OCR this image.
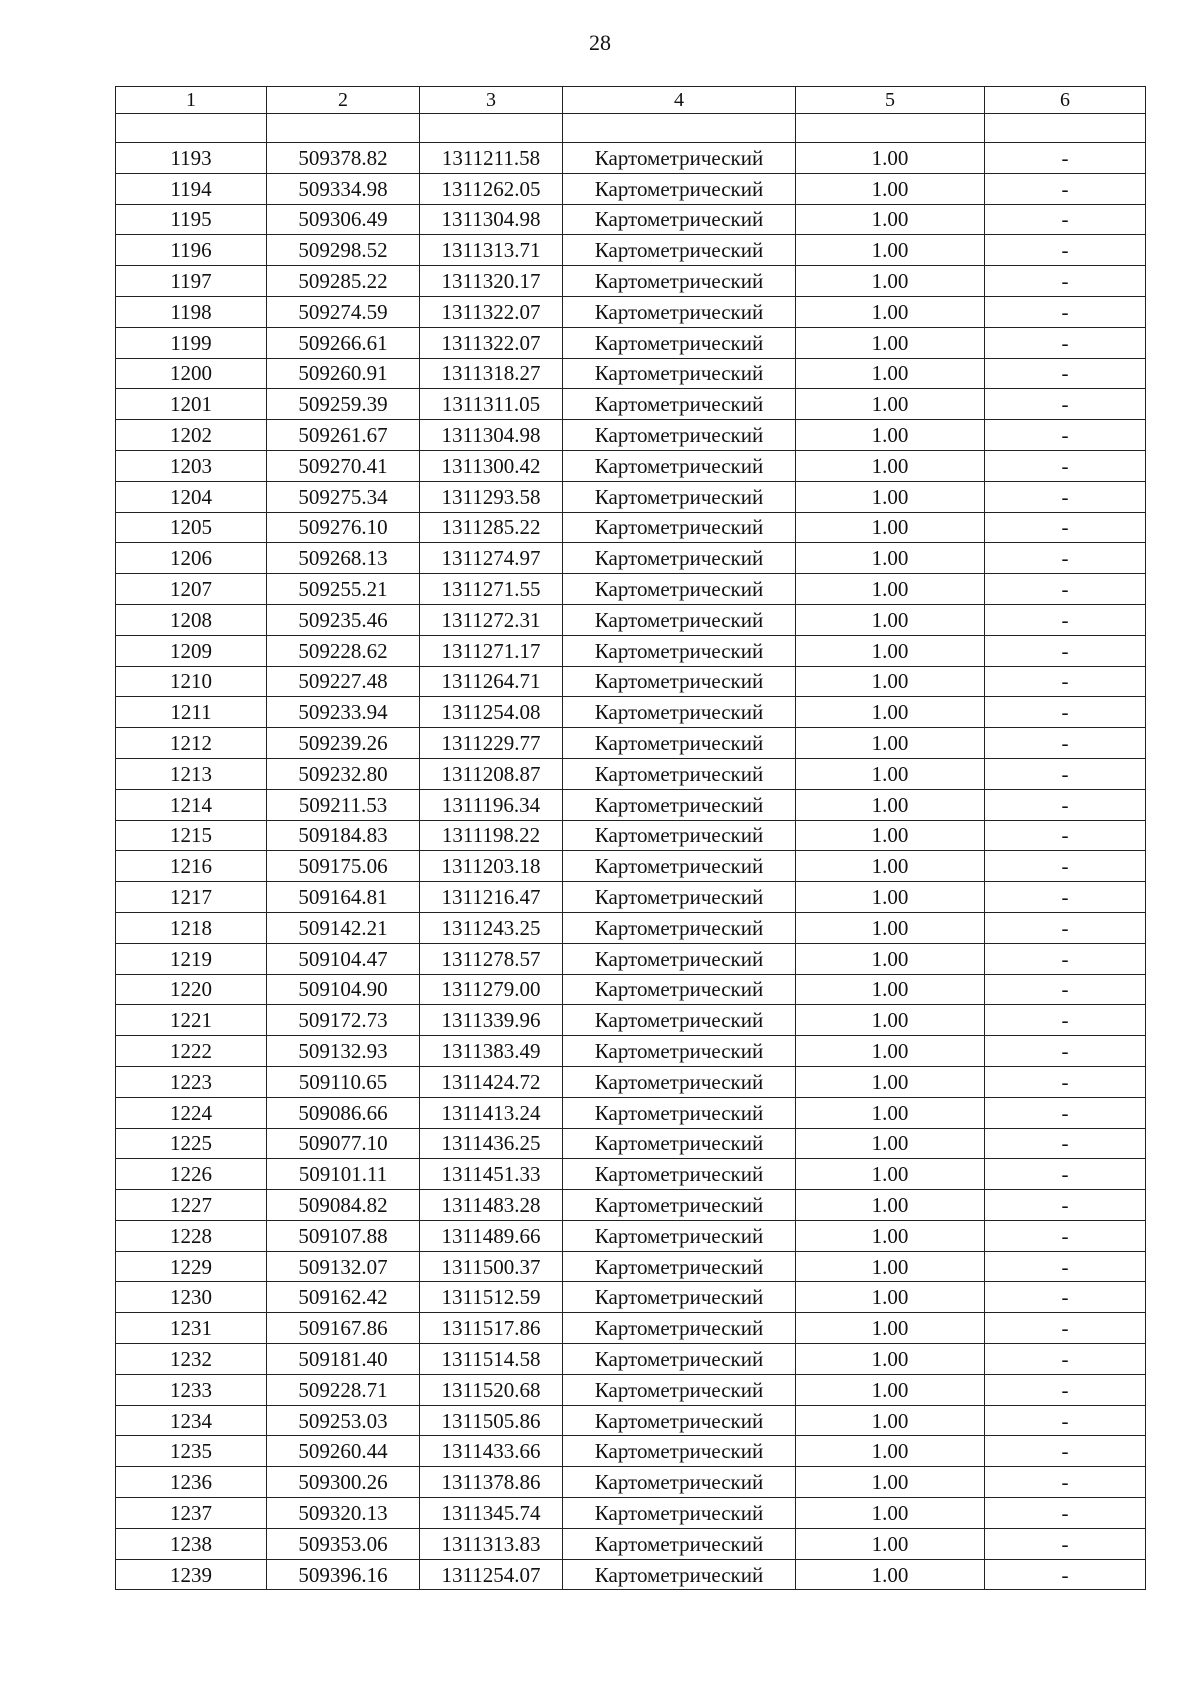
28
1	2	3	4	5	6

1193	509378.82	1311211.58	Картометрический	1.00	-
1194	509334.98	1311262.05	Картометрический	1.00	-
1195	509306.49	1311304.98	Картометрический	1.00	-
1196	509298.52	1311313.71	Картометрический	1.00	-
1197	509285.22	1311320.17	Картометрический	1.00	-
1198	509274.59	1311322.07	Картометрический	1.00	-
1199	509266.61	1311322.07	Картометрический	1.00	-
1200	509260.91	1311318.27	Картометрический	1.00	-
1201	509259.39	1311311.05	Картометрический	1.00	-
1202	509261.67	1311304.98	Картометрический	1.00	-
1203	509270.41	1311300.42	Картометрический	1.00	-
1204	509275.34	1311293.58	Картометрический	1.00	-
1205	509276.10	1311285.22	Картометрический	1.00	-
1206	509268.13	1311274.97	Картометрический	1.00	-
1207	509255.21	1311271.55	Картометрический	1.00	-
1208	509235.46	1311272.31	Картометрический	1.00	-
1209	509228.62	1311271.17	Картометрический	1.00	-
1210	509227.48	1311264.71	Картометрический	1.00	-
1211	509233.94	1311254.08	Картометрический	1.00	-
1212	509239.26	1311229.77	Картометрический	1.00	-
1213	509232.80	1311208.87	Картометрический	1.00	-
1214	509211.53	1311196.34	Картометрический	1.00	-
1215	509184.83	1311198.22	Картометрический	1.00	-
1216	509175.06	1311203.18	Картометрический	1.00	-
1217	509164.81	1311216.47	Картометрический	1.00	-
1218	509142.21	1311243.25	Картометрический	1.00	-
1219	509104.47	1311278.57	Картометрический	1.00	-
1220	509104.90	1311279.00	Картометрический	1.00	-
1221	509172.73	1311339.96	Картометрический	1.00	-
1222	509132.93	1311383.49	Картометрический	1.00	-
1223	509110.65	1311424.72	Картометрический	1.00	-
1224	509086.66	1311413.24	Картометрический	1.00	-
1225	509077.10	1311436.25	Картометрический	1.00	-
1226	509101.11	1311451.33	Картометрический	1.00	-
1227	509084.82	1311483.28	Картометрический	1.00	-
1228	509107.88	1311489.66	Картометрический	1.00	-
1229	509132.07	1311500.37	Картометрический	1.00	-
1230	509162.42	1311512.59	Картометрический	1.00	-
1231	509167.86	1311517.86	Картометрический	1.00	-
1232	509181.40	1311514.58	Картометрический	1.00	-
1233	509228.71	1311520.68	Картометрический	1.00	-
1234	509253.03	1311505.86	Картометрический	1.00	-
1235	509260.44	1311433.66	Картометрический	1.00	-
1236	509300.26	1311378.86	Картометрический	1.00	-
1237	509320.13	1311345.74	Картометрический	1.00	-
1238	509353.06	1311313.83	Картометрический	1.00	-
1239	509396.16	1311254.07	Картометрический	1.00	-
